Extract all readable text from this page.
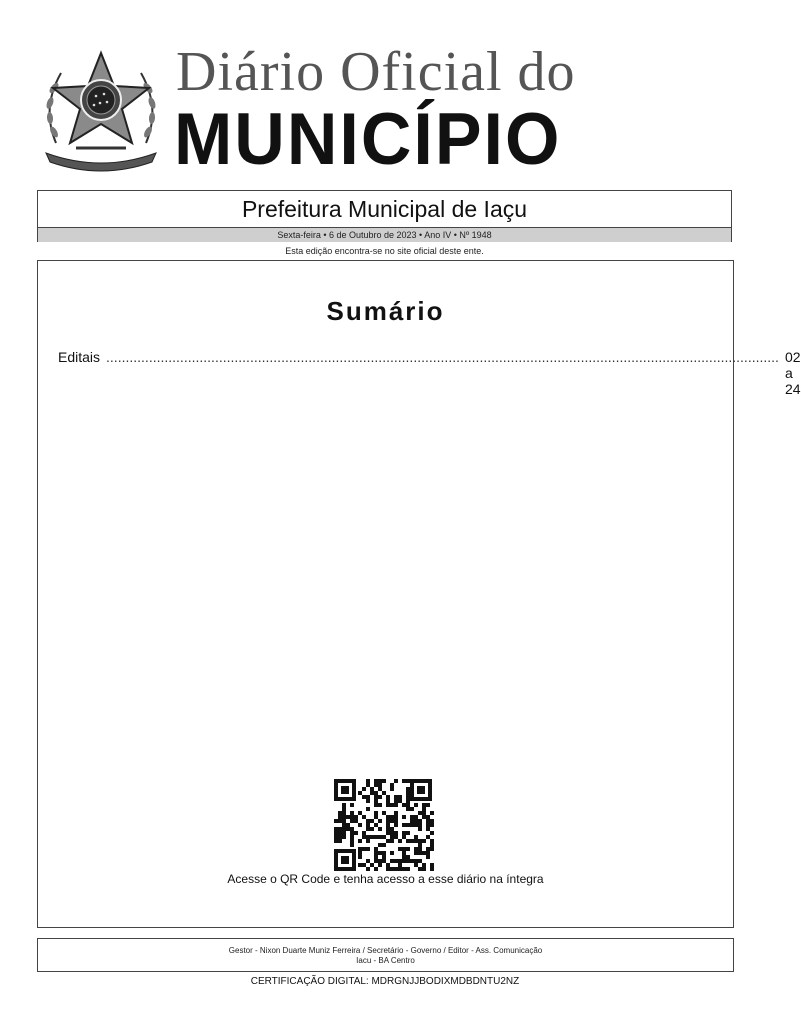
Diário Oficial do
MUNICÍPIO
Prefeitura Municipal de Iaçu
Sexta-feira • 6 de Outubro de 2023 • Ano IV • Nº 1948
Esta edição encontra-se no site oficial deste ente.
Sumário
Editais ............................................................................................................................................................................. 02 a 24
Acesse o QR Code e tenha acesso a esse diário na íntegra
Gestor - Nixon Duarte Muniz Ferreira / Secretário - Governo / Editor - Ass. Comunicação
Iacu - BA Centro
CERTIFICAÇÃO DIGITAL: MDRGNJJBODIXMDBDNTU2NZ
